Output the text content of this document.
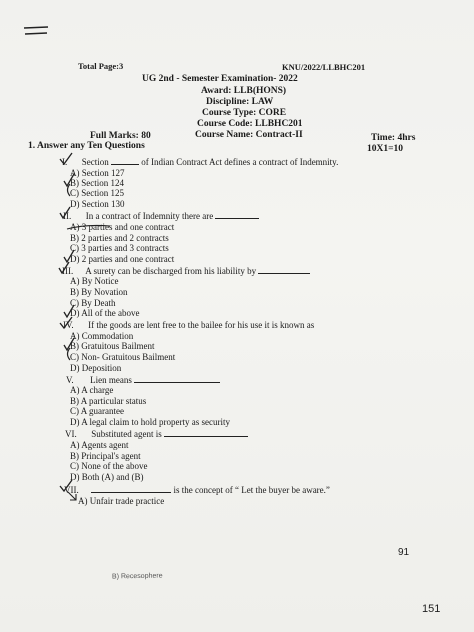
Total Page:3	KNU/2022/LLBHC201
UG 2nd - Semester Examination- 2022
Award: LLB(HONS)
Discipline: LAW
Course Type: CORE
Course Code: LLBHC201
Course Name: Contract-II
Full Marks: 80	Time: 4hrs
1. Answer any Ten Questions	10X1=10
I. Section	of Indian Contract Act defines a contract of Indemnity.
A) Section 127
B) Section 124
C) Section 125
D) Section 130
II. In a contract of Indemnity there are
A) 3 parties and one contract
B) 2 parties and 2 contracts
C) 3 parties and 3 contracts
D) 2 parties and one contract
III. A surety can be discharged from his liability by
A) By Notice
B) By Novation
C) By Death
D) All of the above
IV. If the goods are lent free to the bailee for his use it is known as
A) Commodation
B) Gratuitous Bailment
C) Non- Gratuitous Bailment
D) Deposition
V. Lien means
A) A charge
B) A particular status
C) A guarantee
D) A legal claim to hold property as security
VI. Substituted agent is
A) Agents agent
B) Principal's agent
C) None of the above
D) Both (A) and (B)
VII.	is the concept of “ Let the buyer be aware.”
A) Unfair trade practice
91
B) Recesophere
151
